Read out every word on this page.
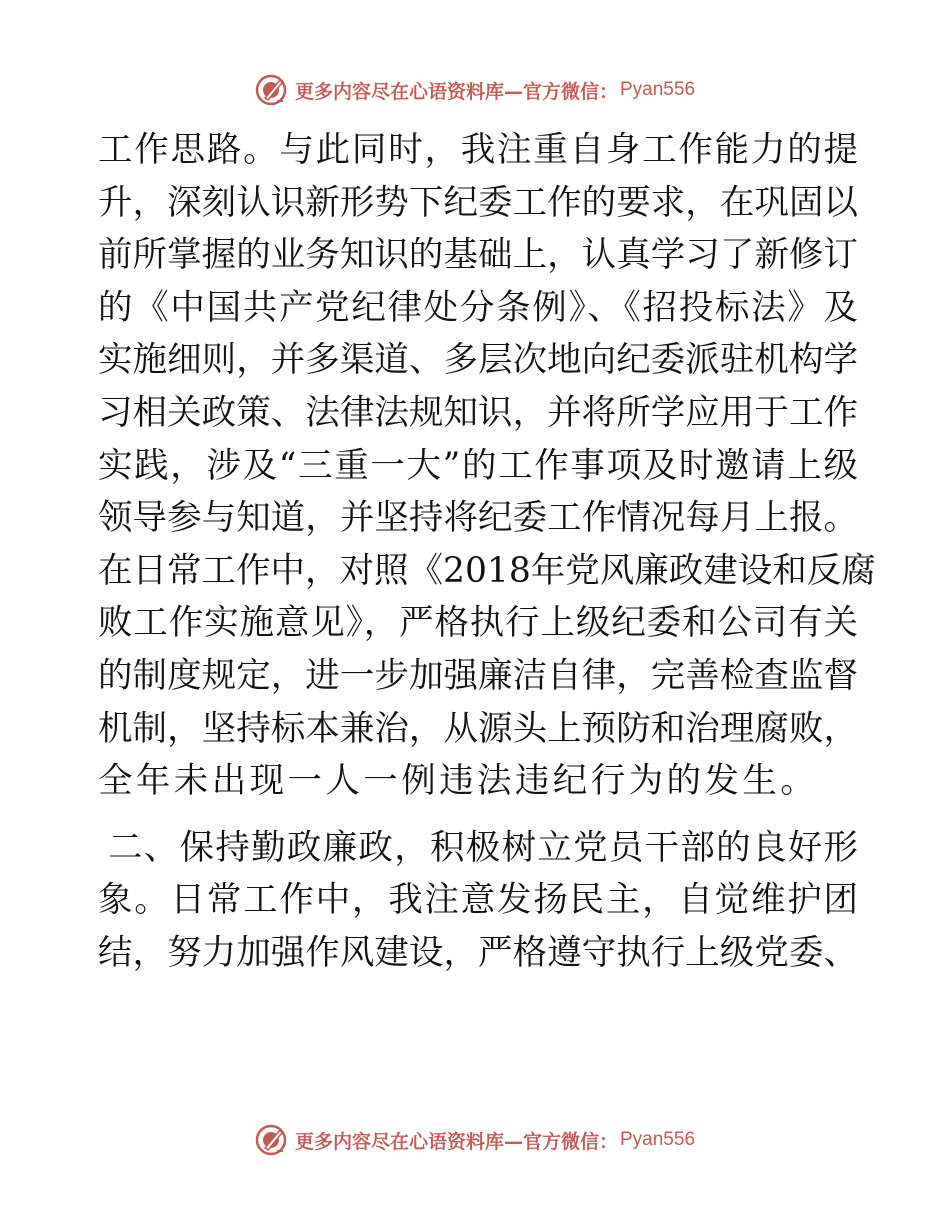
更多内容尽在心语资料库—官方微信： Pyan556
工作思路。与此同时，我注重自身工作能力的提
升，深刻认识新形势下纪委工作的要求，在巩固以
前所掌握的业务知识的基础上，认真学习了新修订
的《中国共产党纪律处分条例》、《招投标法》及
实施细则，并多渠道、多层次地向纪委派驻机构学
习相关政策、法律法规知识，并将所学应用于工作
实践，涉及“三重一大”的工作事项及时邀请上级
领导参与知道，并坚持将纪委工作情况每月上报。
在日常工作中，对照《2018年党风廉政建设和反腐
败工作实施意见》，严格执行上级纪委和公司有关
的制度规定，进一步加强廉洁自律，完善检查监督
机制，坚持标本兼治，从源头上预防和治理腐败，
全年未出现一人一例违法违纪行为的发生。
二、保持勤政廉政，积极树立党员干部的良好形
象。日常工作中，我注意发扬民主，自觉维护团
结，努力加强作风建设，严格遵守执行上级党委、
更多内容尽在心语资料库—官方微信： Pyan556
